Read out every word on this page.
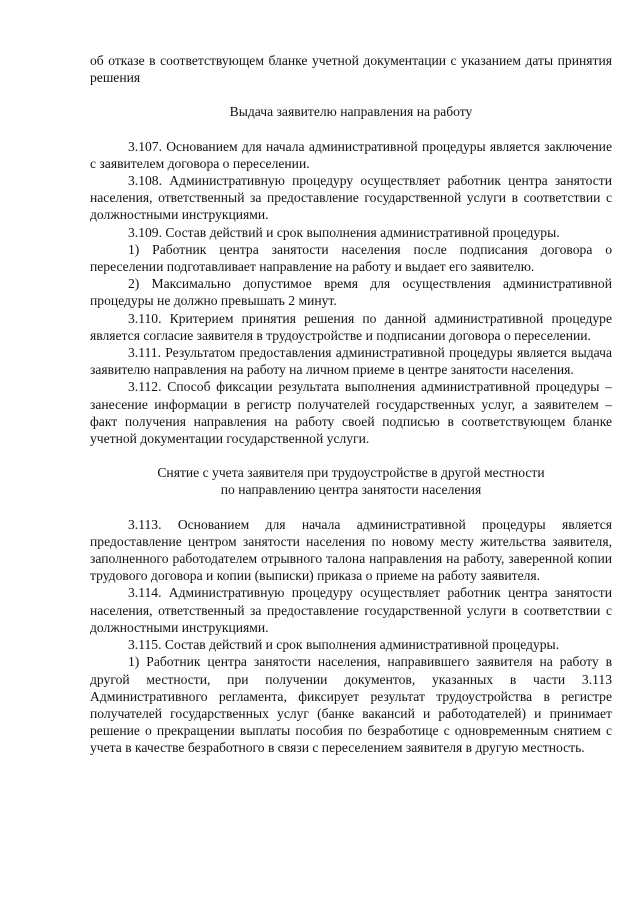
об отказе в соответствующем бланке учетной документации с указанием даты принятия решения

Выдача заявителю направления на работу

3.107. Основанием для начала административной процедуры является заключение с заявителем договора о переселении.

3.108. Административную процедуру осуществляет работник центра занятости населения, ответственный за предоставление государственной услуги в соответствии с должностными инструкциями.

3.109. Состав действий и срок выполнения административной процедуры.

1) Работник центра занятости населения после подписания договора о переселении подготавливает направление на работу и выдает его заявителю.

2) Максимально допустимое время для осуществления административной процедуры не должно превышать 2 минут.

3.110. Критерием принятия решения по данной административной процедуре является согласие заявителя в трудоустройстве и подписании договора о переселении.

3.111. Результатом предоставления административной процедуры является выдача заявителю направления на работу на личном приеме в центре занятости населения.

3.112. Способ фиксации результата выполнения административной процедуры – занесение информации в регистр получателей государственных услуг, а заявителем – факт получения направления на работу своей подписью в соответствующем бланке учетной документации государственной услуги.

Снятие с учета заявителя при трудоустройстве в другой местности
по направлению центра занятости населения

3.113. Основанием для начала административной процедуры является предоставление центром занятости населения по новому месту жительства заявителя, заполненного работодателем отрывного талона направления на работу, заверенной копии трудового договора и копии (выписки) приказа о приеме на работу заявителя.

3.114. Административную процедуру осуществляет работник центра занятости населения, ответственный за предоставление государственной услуги в соответствии с должностными инструкциями.

3.115. Состав действий и срок выполнения административной процедуры.

1) Работник центра занятости населения, направившего заявителя на работу в другой местности, при получении документов, указанных в части 3.113 Административного регламента, фиксирует результат трудоустройства в регистре получателей государственных услуг (банке вакансий и работодателей) и принимает решение о прекращении выплаты пособия по безработице с одновременным снятием с учета в качестве безработного в связи с переселением заявителя в другую местность.
